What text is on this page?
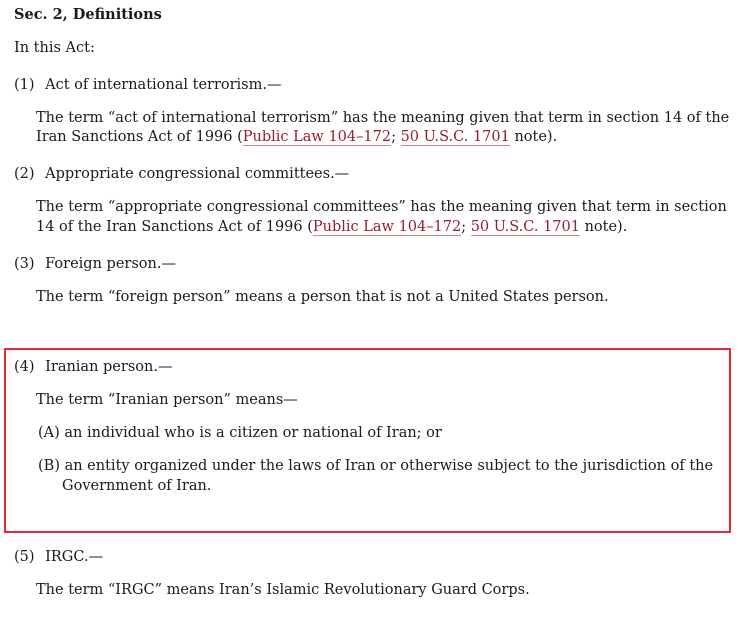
Sec. 2, Definitions

In this Act:

(1) Act of international terrorism.—

The term “act of international terrorism” has the meaning given that term in section 14 of the Iran Sanctions Act of 1996 (Public Law 104–172; 50 U.S.C. 1701 note).

(2) Appropriate congressional committees.—

The term “appropriate congressional committees” has the meaning given that term in section 14 of the Iran Sanctions Act of 1996 (Public Law 104–172; 50 U.S.C. 1701 note).

(3) Foreign person.—

The term “foreign person” means a person that is not a United States person.

(4) Iranian person.—

The term “Iranian person” means—

(A) an individual who is a citizen or national of Iran; or

(B) an entity organized under the laws of Iran or otherwise subject to the jurisdiction of the Government of Iran.

(5) IRGC.—

The term “IRGC” means Iran’s Islamic Revolutionary Guard Corps.
